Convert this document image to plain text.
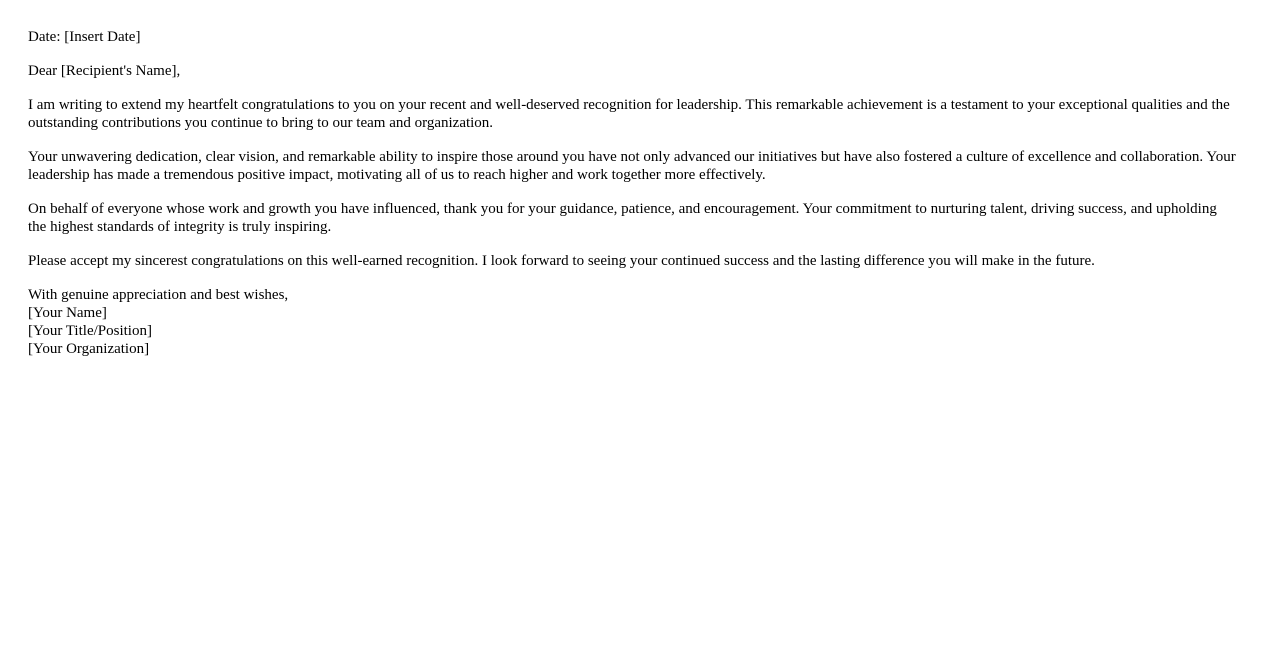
Date: [Insert Date]

Dear [Recipient's Name],

I am writing to extend my heartfelt congratulations to you on your recent and well-deserved recognition for leadership. This remarkable achievement is a testament to your exceptional qualities and the outstanding contributions you continue to bring to our team and organization.

Your unwavering dedication, clear vision, and remarkable ability to inspire those around you have not only advanced our initiatives but have also fostered a culture of excellence and collaboration. Your leadership has made a tremendous positive impact, motivating all of us to reach higher and work together more effectively.

On behalf of everyone whose work and growth you have influenced, thank you for your guidance, patience, and encouragement. Your commitment to nurturing talent, driving success, and upholding the highest standards of integrity is truly inspiring.

Please accept my sincerest congratulations on this well-earned recognition. I look forward to seeing your continued success and the lasting difference you will make in the future.

With genuine appreciation and best wishes,
[Your Name]
[Your Title/Position]
[Your Organization]
